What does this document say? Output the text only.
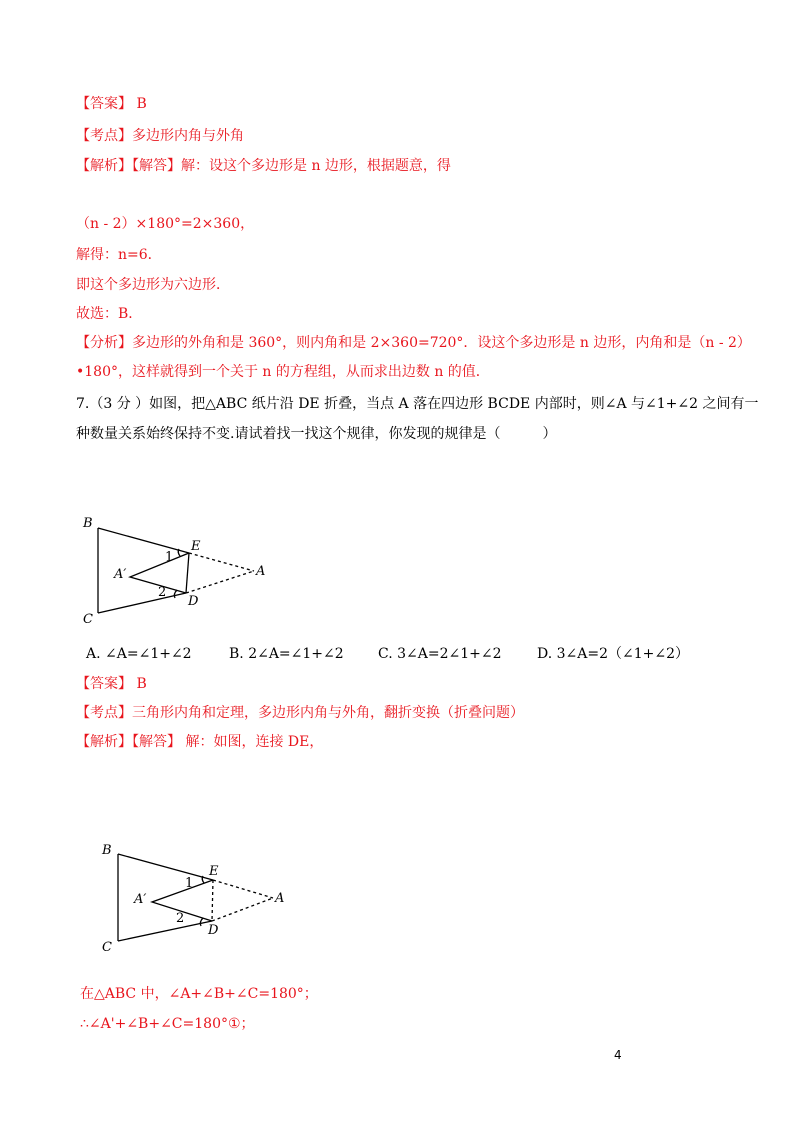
【答案】 B
【考点】多边形内角与外角
【解析】【解答】解：设这个多边形是 n 边形，根据题意，得
（n - 2）×180°=2×360，
解得：n=6．
即这个多边形为六边形．
故选：B．
【分析】多边形的外角和是 360°，则内角和是 2×360=720°．设这个多边形是 n 边形，内角和是（n - 2）
•180°，这样就得到一个关于 n 的方程组，从而求出边数 n 的值．
7.（3 分 ）如图，把△ABC 纸片沿 DE 折叠，当点 A 落在四边形 BCDE 内部时，则∠A 与∠1+∠2 之间有一
种数量关系始终保持不变.请试着找一找这个规律，你发现的规律是（　　　）
B
C
E
D
A
A′
1
2
A. ∠A=∠1+∠2	B. 2∠A=∠1+∠2 C. 3∠A=2∠1+∠2	D. 3∠A=2（∠1+∠2）
【答案】 B
【考点】三角形内角和定理，多边形内角与外角，翻折变换（折叠问题）
【解析】【解答】 解：如图，连接 DE，
B
C
E
D
A
A′
1
2
在△ABC 中，∠A+∠B+∠C=180°；
∴∠A'+∠B+∠C=180°①；
4
